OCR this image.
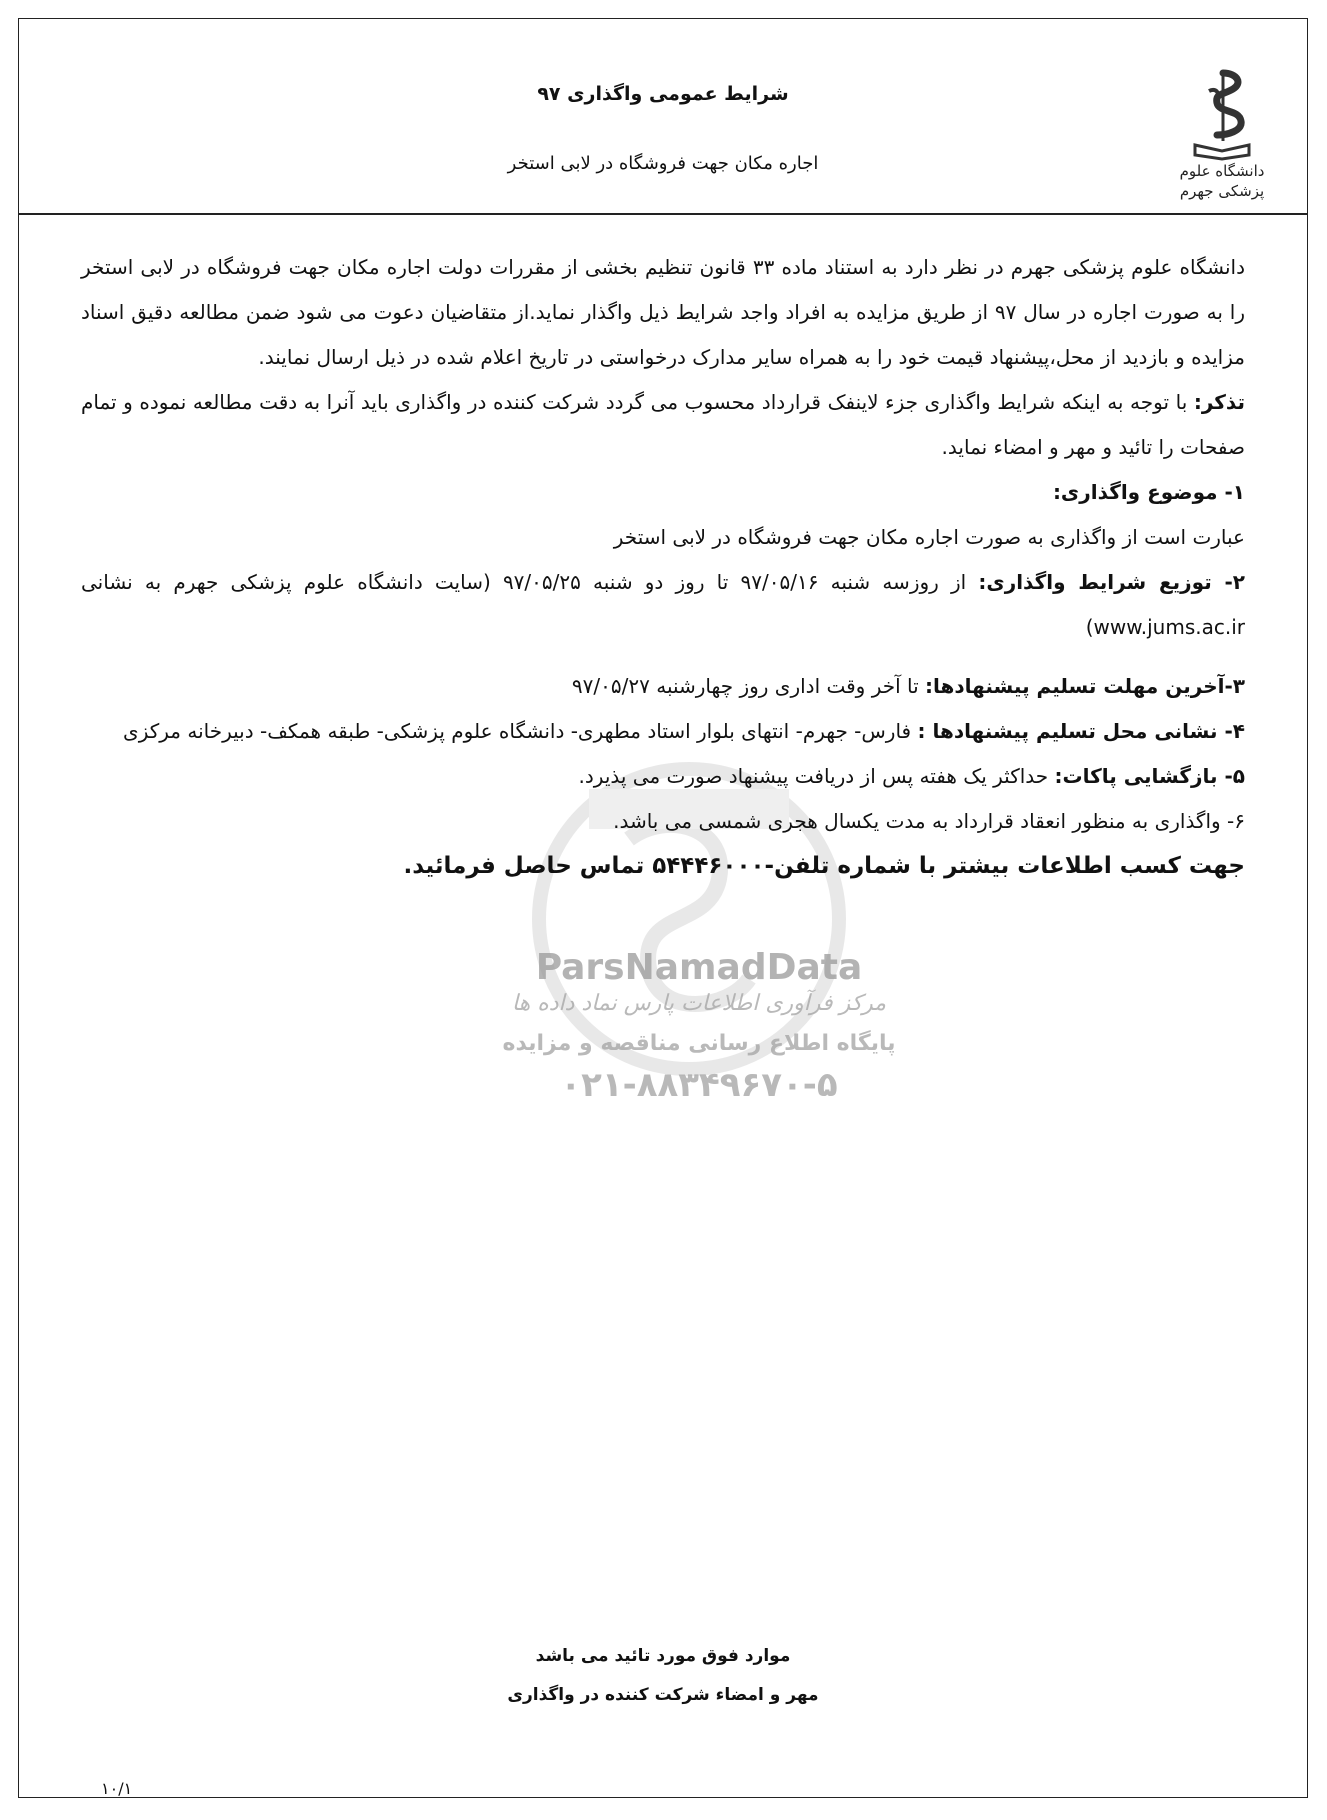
شرایط عمومی واگذاری ۹۷
اجاره مکان جهت فروشگاه در لابی استخر	دانشگاه علوم
پزشکی جهرم
ParsNamadData
مرکز فرآوری اطلاعات پارس نماد داده ها
پایگاه اطلاع رسانی مناقصه و مزایده
۰۲۱-۸۸۳۴۹۶۷۰-۵

دانشگاه علوم پزشکی جهرم در نظر دارد به استناد ماده ۳۳ قانون تنظیم بخشی از مقررات دولت اجاره مکان جهت فروشگاه در لابی استخر را به صورت اجاره در سال ۹۷ از طریق مزایده به افراد واجد شرایط ذیل واگذار نماید.از متقاضیان دعوت می شود ضمن مطالعه دقیق اسناد مزایده و بازدید از محل،پیشنهاد قیمت خود را به همراه سایر مدارک درخواستی در تاریخ اعلام شده در ذیل ارسال نمایند.

تذکر: با توجه به اینکه شرایط واگذاری جزء لاینفک قرارداد محسوب می گردد شرکت کننده در واگذاری باید آنرا به دقت مطالعه نموده و تمام صفحات را تائید و مهر و امضاء نماید.

۱- موضوع واگذاری:

عبارت است از واگذاری به صورت اجاره مکان جهت فروشگاه در لابی استخر

۲- توزیع شرایط واگذاری: از روزسه شنبه ۹۷/۰۵/۱۶ تا روز دو شنبه ۹۷/۰۵/۲۵ (سایت دانشگاه علوم پزشکی جهرم به نشانی www.jums.ac.ir)

۳-آخرین مهلت تسلیم پیشنهادها: تا آخر وقت اداری روز چهارشنبه ۹۷/۰۵/۲۷

۴- نشانی محل تسلیم پیشنهادها : فارس- جهرم- انتهای بلوار استاد مطهری- دانشگاه علوم پزشکی- طبقه همکف- دبیرخانه مرکزی

۵- بازگشایی پاکات: حداکثر یک هفته پس از دریافت پیشنهاد صورت می پذیرد.

۶- واگذاری به منظور انعقاد قرارداد به مدت یکسال هجری شمسی می باشد.

جهت کسب اطلاعات بیشتر با شماره تلفن-۵۴۴۴۶۰۰۰ تماس حاصل فرمائید.

موارد فوق مورد تائید می باشد
مهر و امضاء شرکت کننده در واگذاری
۱۰/۱
